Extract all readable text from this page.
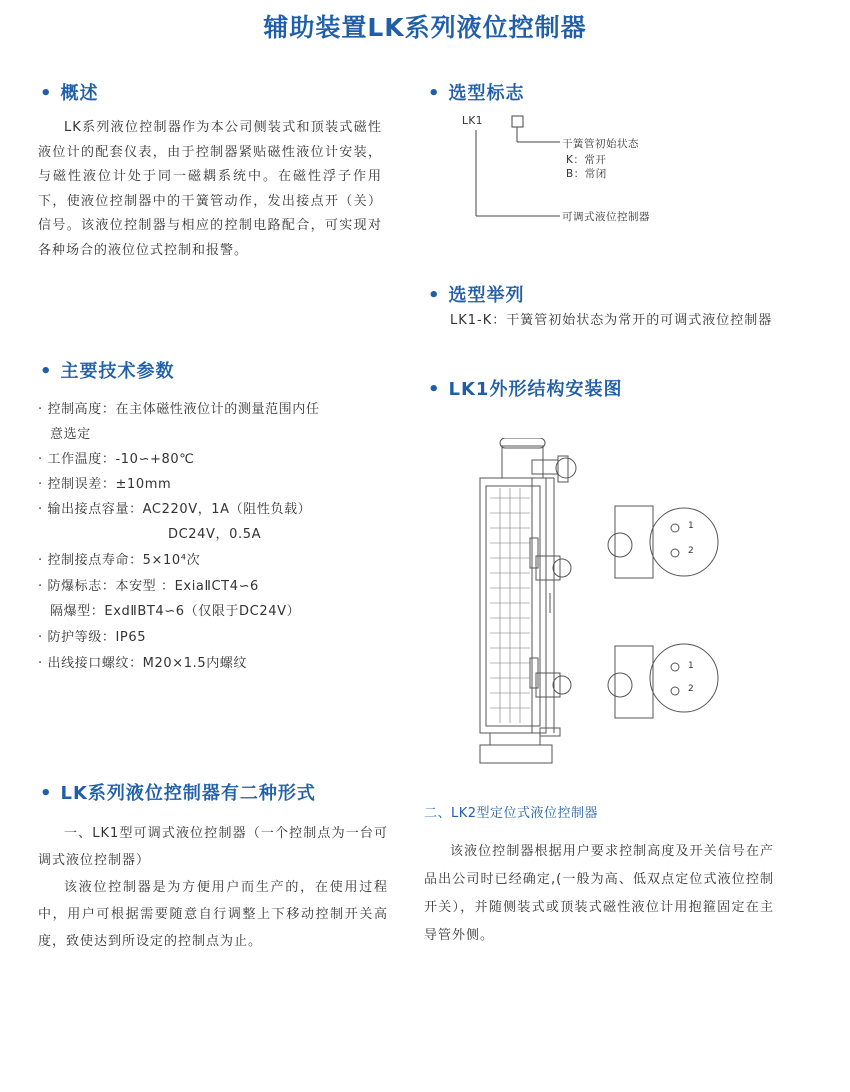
辅助装置LK系列液位控制器
• 概述

LK系列液位控制器作为本公司侧装式和顶装式磁性液位计的配套仪表，由于控制器紧贴磁性液位计安装，与磁性液位计处于同一磁耦系统中。在磁性浮子作用下，使液位控制器中的干簧管动作，发出接点开（关）信号。该液位控制器与相应的控制电路配合，可实现对各种场合的液位位式控制和报警。

• 主要技术参数
· 控制高度：在主体磁性液位计的测量范围内任
意选定
· 工作温度：-10∽+80℃
· 控制误差：±10mm
· 输出接点容量：AC220V，1A（阻性负载）
DC24V，0.5A
· 控制接点寿命：5×10⁴次
· 防爆标志：本安型 ：ExiaⅡCT4∽6
隔爆型：ExdⅡBT4∽6（仅限于DC24V）
· 防护等级：IP65
· 出线接口螺纹：M20×1.5内螺纹
• LK系列液位控制器有二种形式

一、LK1型可调式液位控制器（一个控制点为一台可调式液位控制器）

该液位控制器是为方便用户而生产的，在使用过程中，用户可根据需要随意自行调整上下移动控制开关高度，致使达到所设定的控制点为止。

• 选型标志
LK1
干簧管初始状态
K：常开
B：常闭
可调式液位控制器
• 选型举列

LK1-K：干簧管初始状态为常开的可调式液位控制器

• LK1外形结构安装图
1
2
1
2
二、LK2型定位式液位控制器

该液位控制器根据用户要求控制高度及开关信号在产品出公司时已经确定,(一般为高、低双点定位式液位控制开关），并随侧装式或顶装式磁性液位计用抱箍固定在主导管外侧。
